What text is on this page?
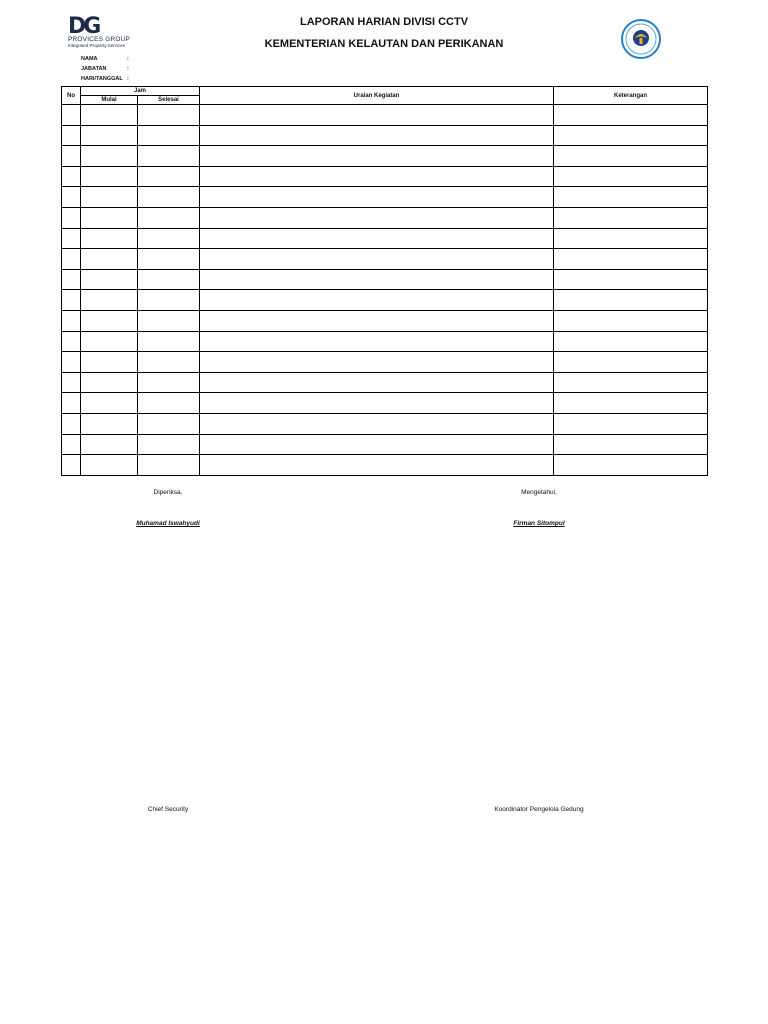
DG
PROVICES GROUP
Integrated Property Services
LAPORAN HARIAN DIVISI CCTV
KEMENTERIAN KELAUTAN DAN PERIKANAN
NAMA	:
JABATAN	:
HARI/TANGGAL :
No	Jam		Uraian Kegiatan	Keterangan
	Mulai	Selesai		

Diperiksa,
Muhamad Iswahyudi
Chief Security
Mengetahui,
Firman Sitompul
Koordinator Pengelola Gedung
